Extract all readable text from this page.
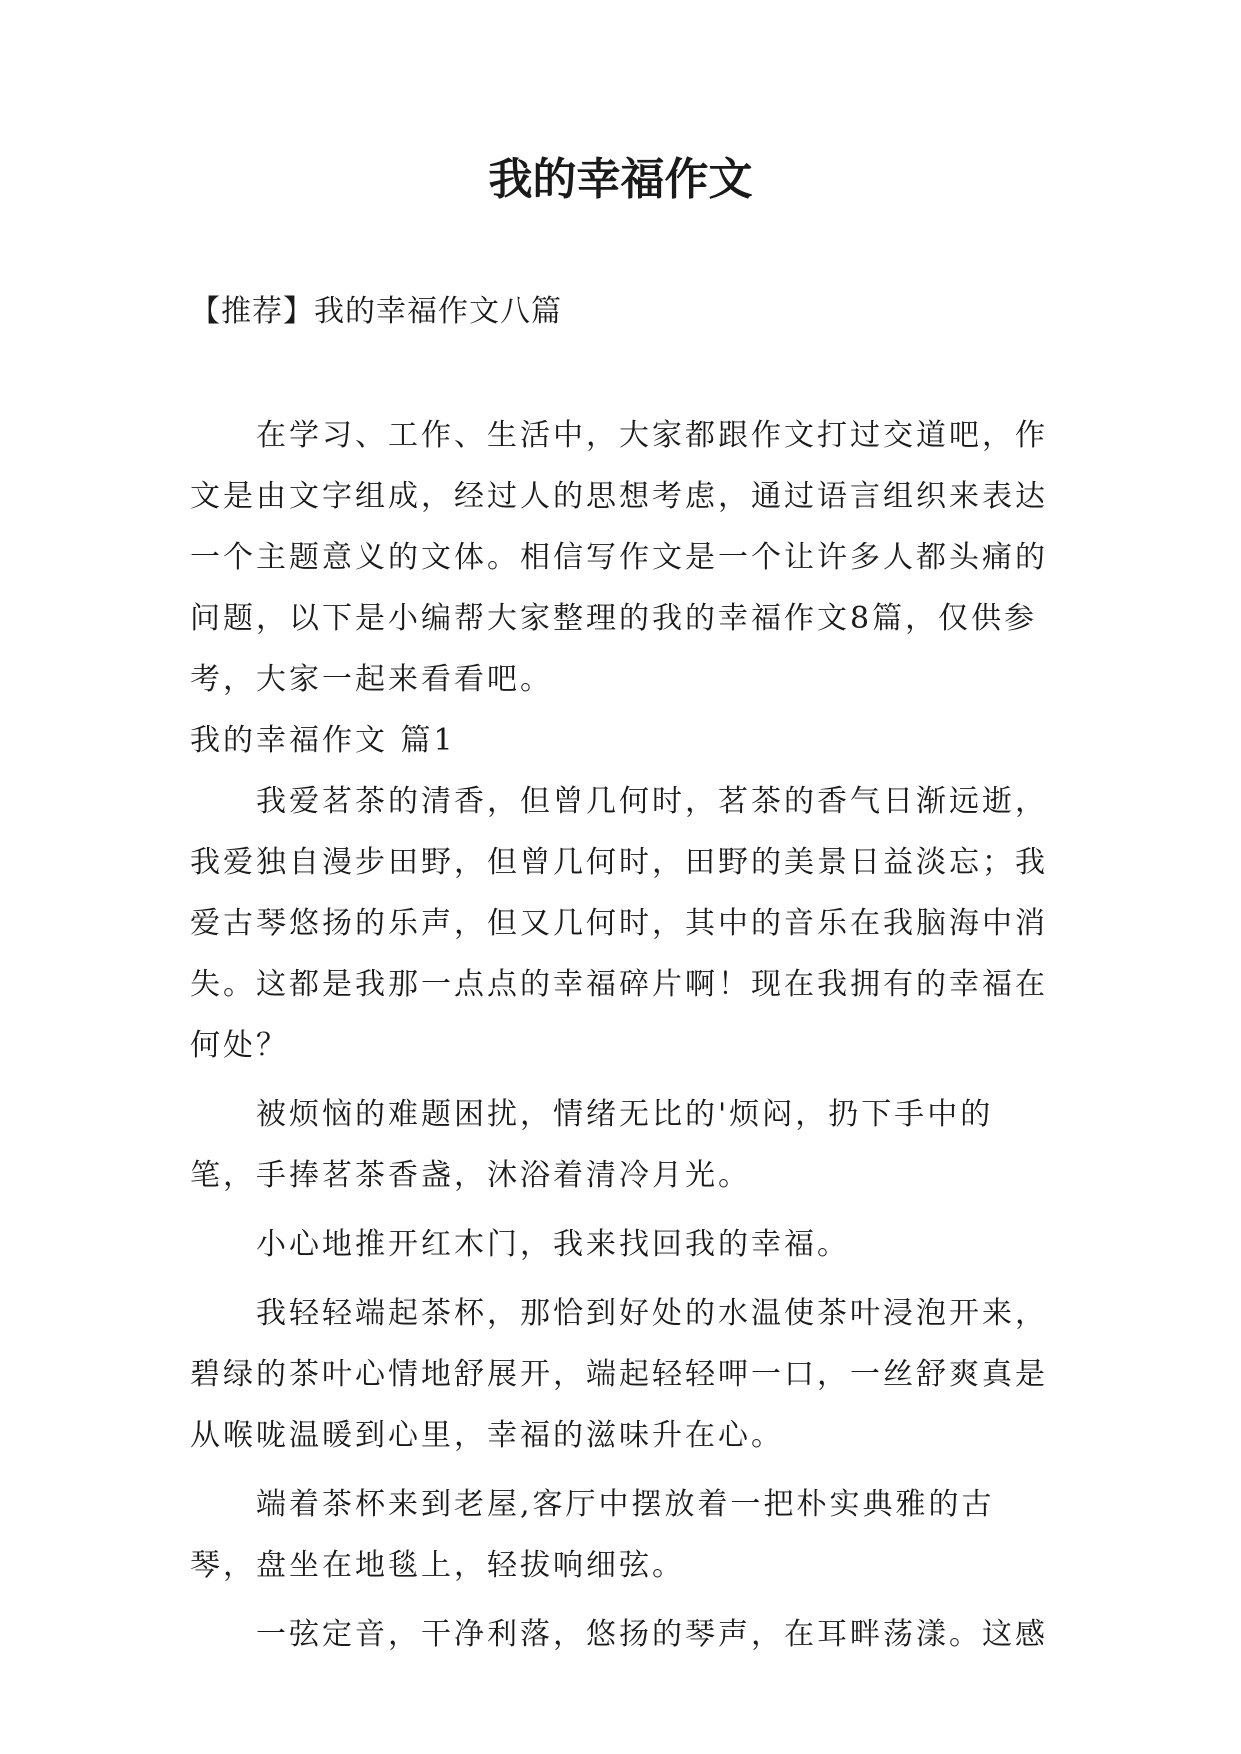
我的幸福作文

【推荐】我的幸福作文八篇

在学习、工作、生活中，大家都跟作文打过交道吧，作文是由文字组成，经过人的思想考虑，通过语言组织来表达一个主题意义的文体。相信写作文是一个让许多人都头痛的问题，以下是小编帮大家整理的我的幸福作文8篇，仅供参考，大家一起来看看吧。

我的幸福作文 篇1

我爱茗茶的清香，但曾几何时，茗茶的香气日渐远逝，我爱独自漫步田野，但曾几何时，田野的美景日益淡忘；我爱古琴悠扬的乐声，但又几何时，其中的音乐在我脑海中消失。这都是我那一点点的幸福碎片啊！现在我拥有的幸福在何处？

被烦恼的难题困扰，情绪无比的'烦闷，扔下手中的笔，手捧茗茶香盏，沐浴着清冷月光。

小心地推开红木门，我来找回我的幸福。

我轻轻端起茶杯，那恰到好处的水温使茶叶浸泡开来，碧绿的茶叶心情地舒展开，端起轻轻呷一口，一丝舒爽真是从喉咙温暖到心里，幸福的滋味升在心。

端着茶杯来到老屋,客厅中摆放着一把朴实典雅的古琴，盘坐在地毯上，轻拔响细弦。

一弦定音，干净利落，悠扬的琴声，在耳畔荡漾。这感
